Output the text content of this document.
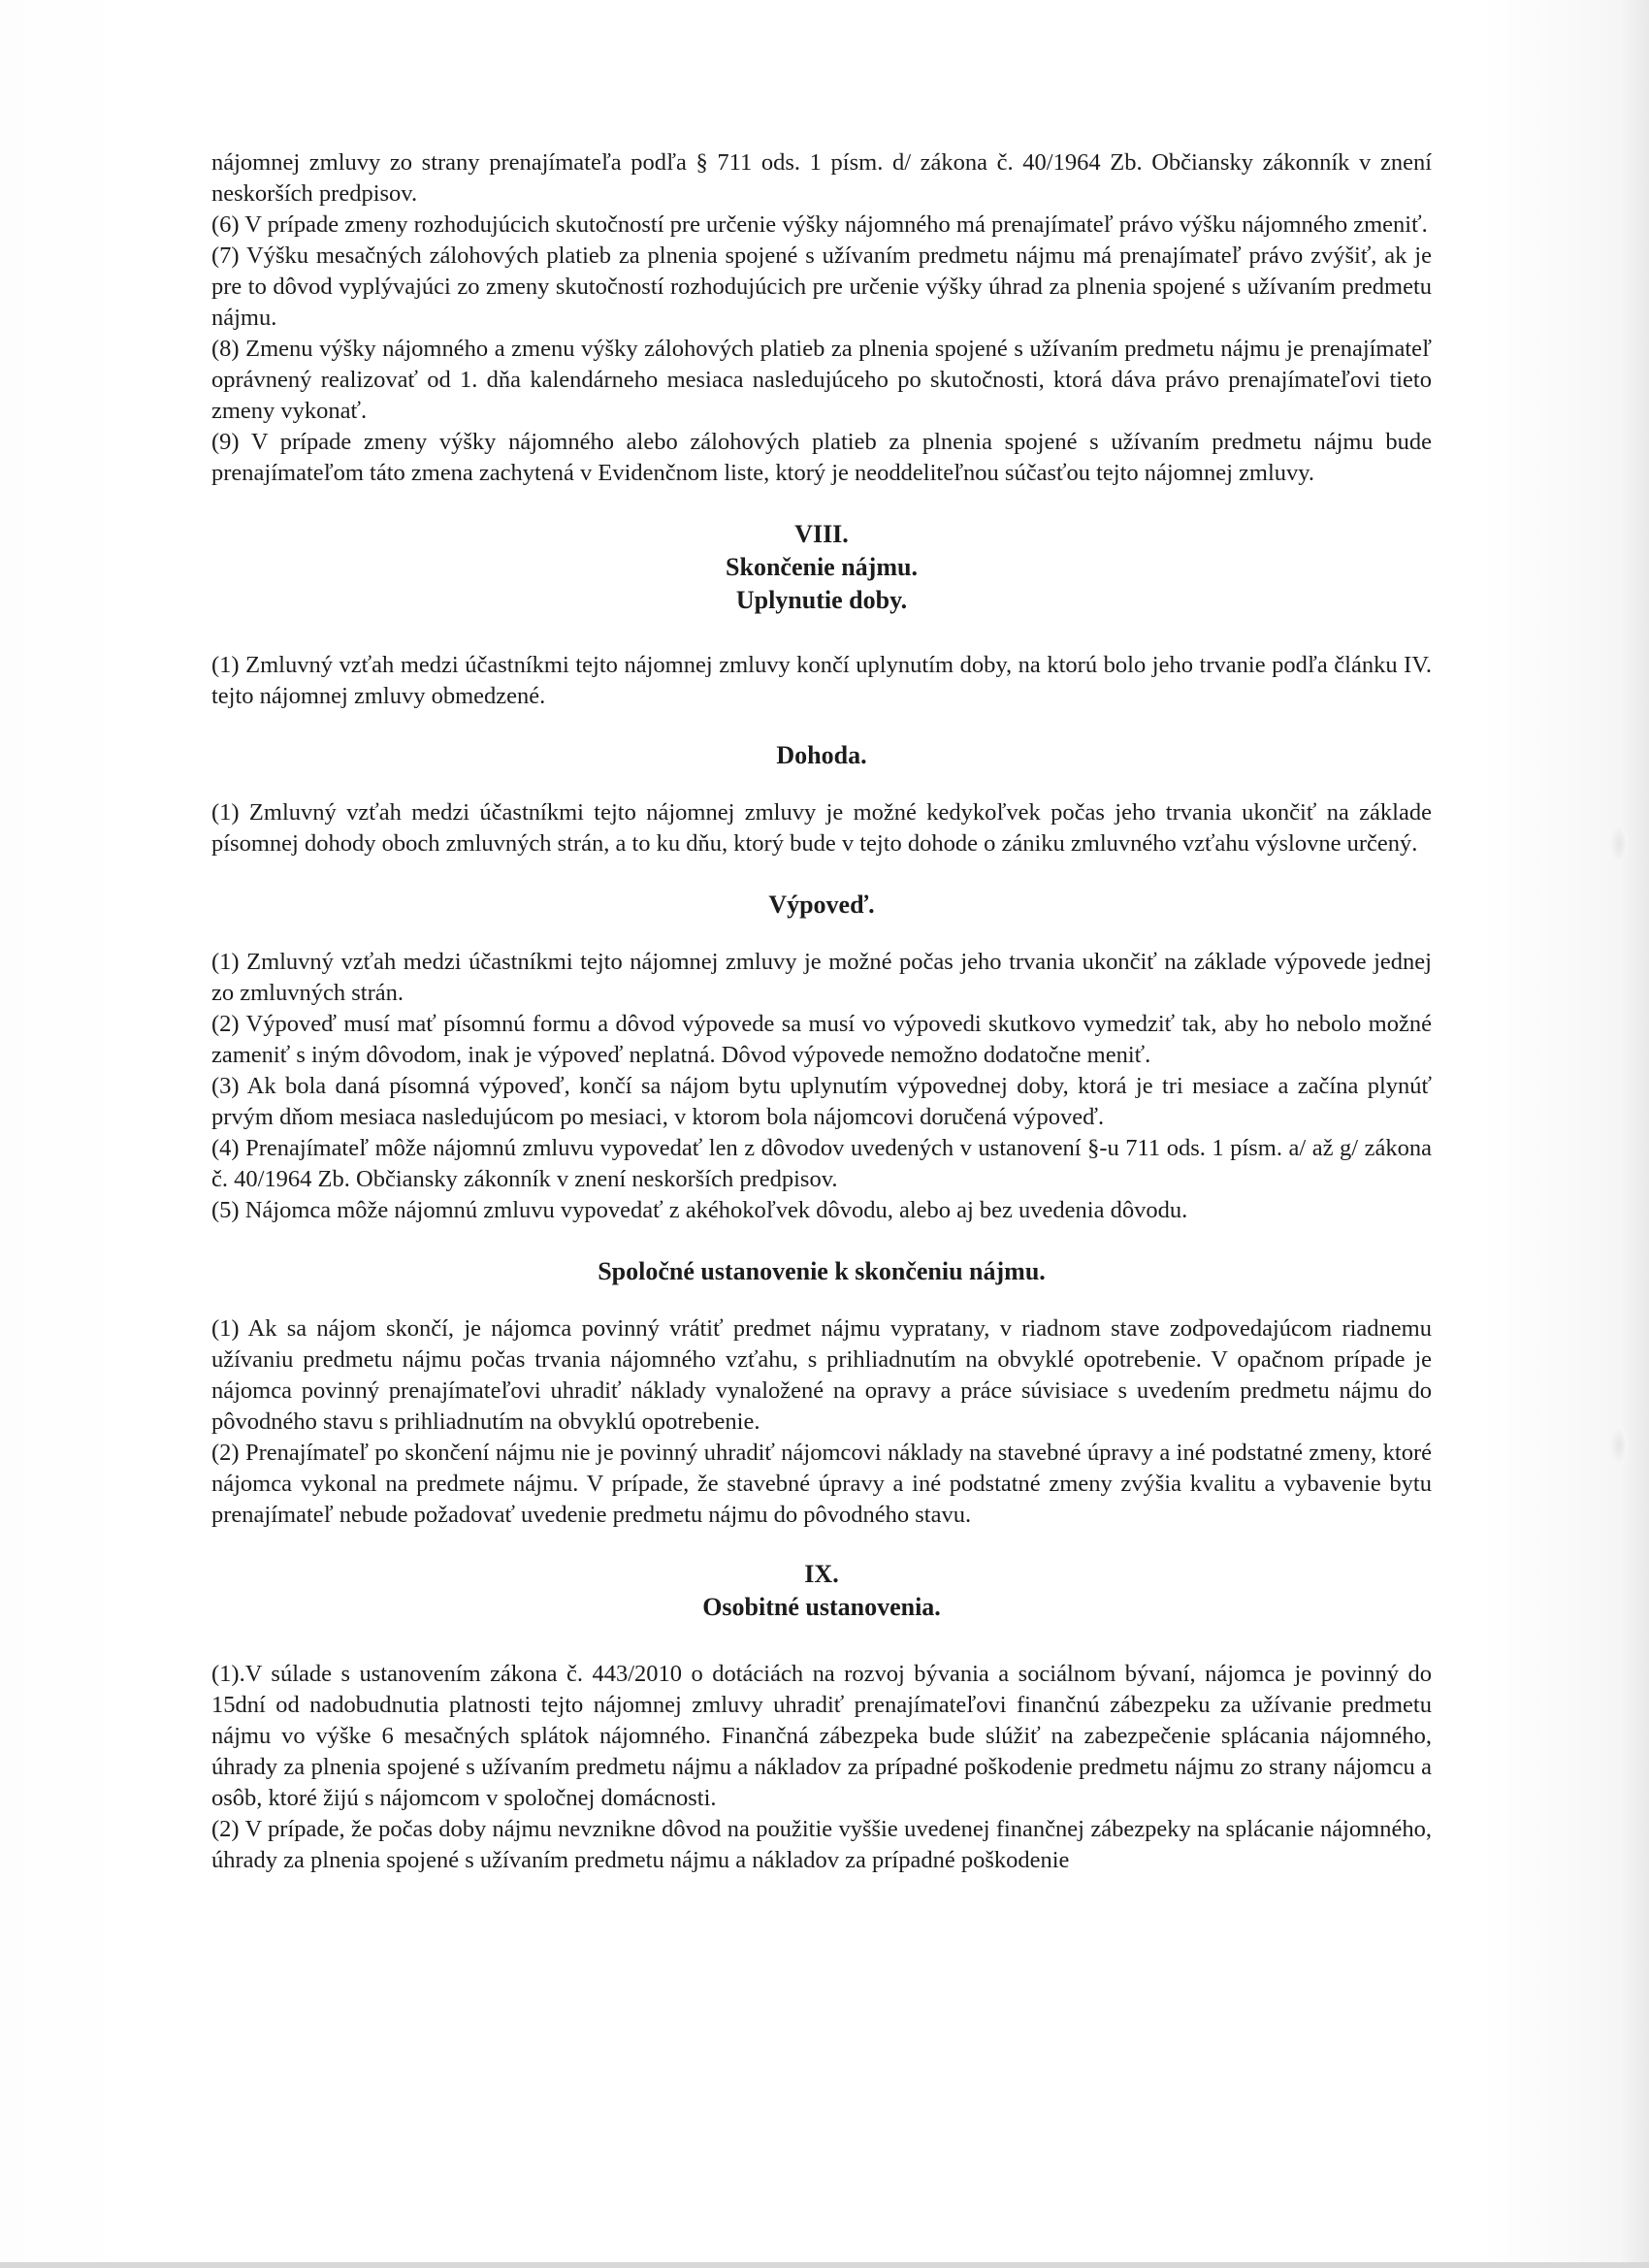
nájomnej zmluvy zo strany prenajímateľa podľa § 711 ods. 1 písm. d/ zákona č. 40/1964 Zb. Občiansky zákonník v znení neskorších predpisov.

(6) V prípade zmeny rozhodujúcich skutočností pre určenie výšky nájomného má prenajímateľ právo výšku nájomného zmeniť.

(7) Výšku mesačných zálohových platieb za plnenia spojené s užívaním predmetu nájmu má prenajímateľ právo zvýšiť, ak je pre to dôvod vyplývajúci zo zmeny skutočností rozhodujúcich pre určenie výšky úhrad za plnenia spojené s užívaním predmetu nájmu.

(8) Zmenu výšky nájomného a zmenu výšky zálohových platieb za plnenia spojené s užívaním predmetu nájmu je prenajímateľ oprávnený realizovať od 1. dňa kalendárneho mesiaca nasledujúceho po skutočnosti, ktorá dáva právo prenajímateľovi tieto zmeny vykonať.

(9) V prípade zmeny výšky nájomného alebo zálohových platieb za plnenia spojené s užívaním predmetu nájmu bude prenajímateľom táto zmena zachytená v Evidenčnom liste, ktorý je neoddeliteľnou súčasťou tejto nájomnej zmluvy.

VIII.

Skončenie nájmu.

Uplynutie doby.

(1) Zmluvný vzťah medzi účastníkmi tejto nájomnej zmluvy končí uplynutím doby, na ktorú bolo jeho trvanie podľa článku IV. tejto nájomnej zmluvy obmedzené.

Dohoda.

(1) Zmluvný vzťah medzi účastníkmi tejto nájomnej zmluvy je možné kedykoľvek počas jeho trvania ukončiť na základe písomnej dohody oboch zmluvných strán, a to ku dňu, ktorý bude v tejto dohode o zániku zmluvného vzťahu výslovne určený.

Výpoveď.

(1) Zmluvný vzťah medzi účastníkmi tejto nájomnej zmluvy je možné počas jeho trvania ukončiť na základe výpovede jednej zo zmluvných strán.

(2) Výpoveď musí mať písomnú formu a dôvod výpovede sa musí vo výpovedi skutkovo vymedziť tak, aby ho nebolo možné zameniť s iným dôvodom, inak je výpoveď neplatná. Dôvod výpovede nemožno dodatočne meniť.

(3) Ak bola daná písomná výpoveď, končí sa nájom bytu uplynutím výpovednej doby, ktorá je tri mesiace a začína plynúť prvým dňom mesiaca nasledujúcom po mesiaci, v ktorom bola nájomcovi doručená výpoveď.

(4) Prenajímateľ môže nájomnú zmluvu vypovedať len z dôvodov uvedených v ustanovení §-u 711 ods. 1 písm. a/ až g/ zákona č. 40/1964 Zb. Občiansky zákonník v znení neskorších predpisov.

(5) Nájomca môže nájomnú zmluvu vypovedať z akéhokoľvek dôvodu, alebo aj bez uvedenia dôvodu.

Spoločné ustanovenie k skončeniu nájmu.

(1) Ak sa nájom skončí, je nájomca povinný vrátiť predmet nájmu vypratany, v riadnom stave zodpovedajúcom riadnemu užívaniu predmetu nájmu počas trvania nájomného vzťahu, s prihliadnutím na obvyklé opotrebenie. V opačnom prípade je nájomca povinný prenajímateľovi uhradiť náklady vynaložené na opravy a práce súvisiace s uvedením predmetu nájmu do pôvodného stavu s prihliadnutím na obvyklú opotrebenie.

(2) Prenajímateľ po skončení nájmu nie je povinný uhradiť nájomcovi náklady na stavebné úpravy a iné podstatné zmeny, ktoré nájomca vykonal na predmete nájmu. V prípade, že stavebné úpravy a iné podstatné zmeny zvýšia kvalitu a vybavenie bytu prenajímateľ nebude požadovať uvedenie predmetu nájmu do pôvodného stavu.

IX.

Osobitné ustanovenia.

(1).V súlade s ustanovením zákona č. 443/2010 o dotáciách na rozvoj bývania a sociálnom bývaní, nájomca je povinný do 15dní od nadobudnutia platnosti tejto nájomnej zmluvy uhradiť prenajímateľovi finančnú zábezpeku za užívanie predmetu nájmu vo výške 6 mesačných splátok nájomného. Finančná zábezpeka bude slúžiť na zabezpečenie splácania nájomného, úhrady za plnenia spojené s užívaním predmetu nájmu a nákladov za prípadné poškodenie predmetu nájmu zo strany nájomcu a osôb, ktoré žijú s nájomcom v spoločnej domácnosti.

(2) V prípade, že počas doby nájmu nevznikne dôvod na použitie vyššie uvedenej finančnej zábezpeky na splácanie nájomného, úhrady za plnenia spojené s užívaním predmetu nájmu a nákladov za prípadné poškodenie
